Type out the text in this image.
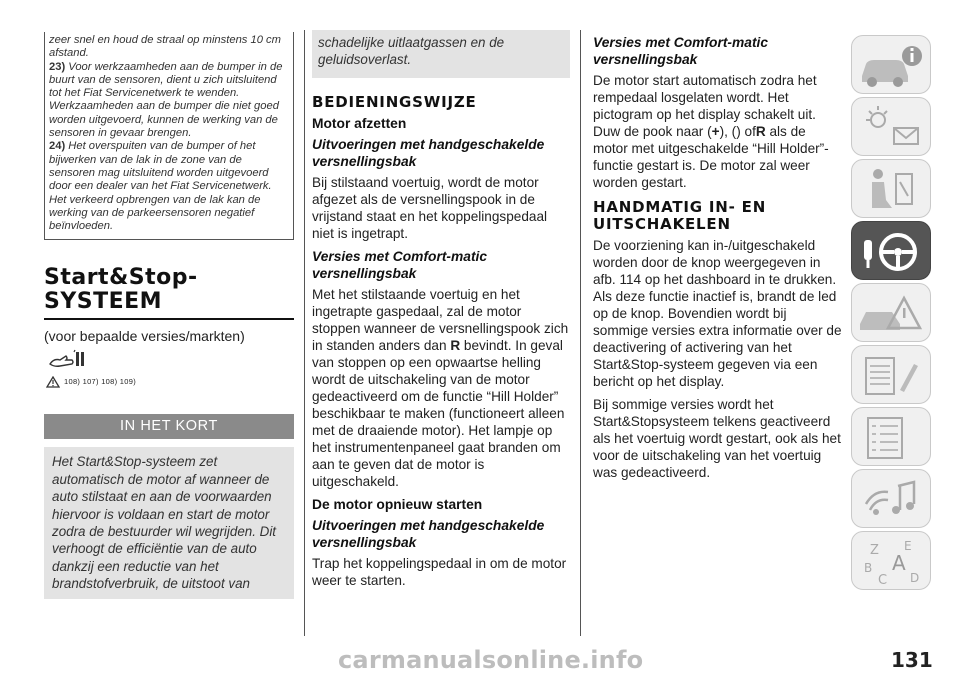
zeer snel en houd de straal op minstens 10 cm afstand.

23) Voor werkzaamheden aan de bumper in de buurt van de sensoren, dient u zich uitsluitend tot het Fiat Servicenetwerk te wenden. Werkzaamheden aan de bumper die niet goed worden uitgevoerd, kunnen de werking van de sensoren in gevaar brengen.

24) Het overspuiten van de bumper of het bijwerken van de lak in de zone van de sensoren mag uitsluitend worden uitgevoerd door een dealer van het Fiat Servicenetwerk. Het verkeerd opbrengen van de lak kan de werking van de parkeersensoren negatief beïnvloeden.

Start&Stop-
SYSTEEM
(voor bepaalde versies/markten)
108) 107) 108) 109)
IN HET KORT
Het Start&Stop-systeem zet automatisch de motor af wanneer de auto stilstaat en aan de voorwaarden hiervoor is voldaan en start de motor zodra de bestuurder wil wegrijden. Dit verhoogt de efficiëntie van de auto dankzij een reductie van het brandstofverbruik, de uitstoot van
schadelijke uitlaatgassen en de geluidsoverlast.
BEDIENINGSWIJZE
Motor afzetten
Uitvoeringen met handgeschakelde versnellingsbak
Bij stilstaand voertuig, wordt de motor afgezet als de versnellingspook in de vrijstand staat en het koppelingspedaal niet is ingetrapt.
Versies met Comfort-matic versnellingsbak
Met het stilstaande voertuig en het ingetrapte gaspedaal, zal de motor stoppen wanneer de versnellingspook zich in standen anders dan R bevindt. In geval van stoppen op een opwaartse helling wordt de uitschakeling van de motor gedeactiveerd om de functie “Hill Holder” beschikbaar te maken (functioneert alleen met de draaiende motor). Het lampje op het instrumentenpaneel gaat branden om aan te geven dat de motor is uitgeschakeld.
De motor opnieuw starten
Uitvoeringen met handgeschakelde versnellingsbak
Trap het koppelingspedaal in om de motor weer te starten.
Versies met Comfort-matic versnellingsbak
De motor start automatisch zodra het rempedaal losgelaten wordt. Het pictogram op het display schakelt uit. Duw de pook naar (+), () ofR als de motor met uitgeschakelde “Hill Holder”-functie gestart is. De motor zal weer worden gestart.
HANDMATIG IN- EN UITSCHAKELEN
De voorziening kan in-/uitgeschakeld worden door de knop weergegeven in afb. 114 op het dashboard in te drukken. Als deze functie inactief is, brandt de led op de knop. Bovendien wordt bij sommige versies extra informatie over de deactivering of activering van het Start&Stop-systeem gegeven via een bericht op het display.
Bij sommige versies wordt het Start&Stopsysteem telkens geactiveerd als het voertuig wordt gestart, ook als het voor de uitschakeling van het voertuig was gedeactiveerd.
Z E
B A
C D
carmanualsonline.info	131
